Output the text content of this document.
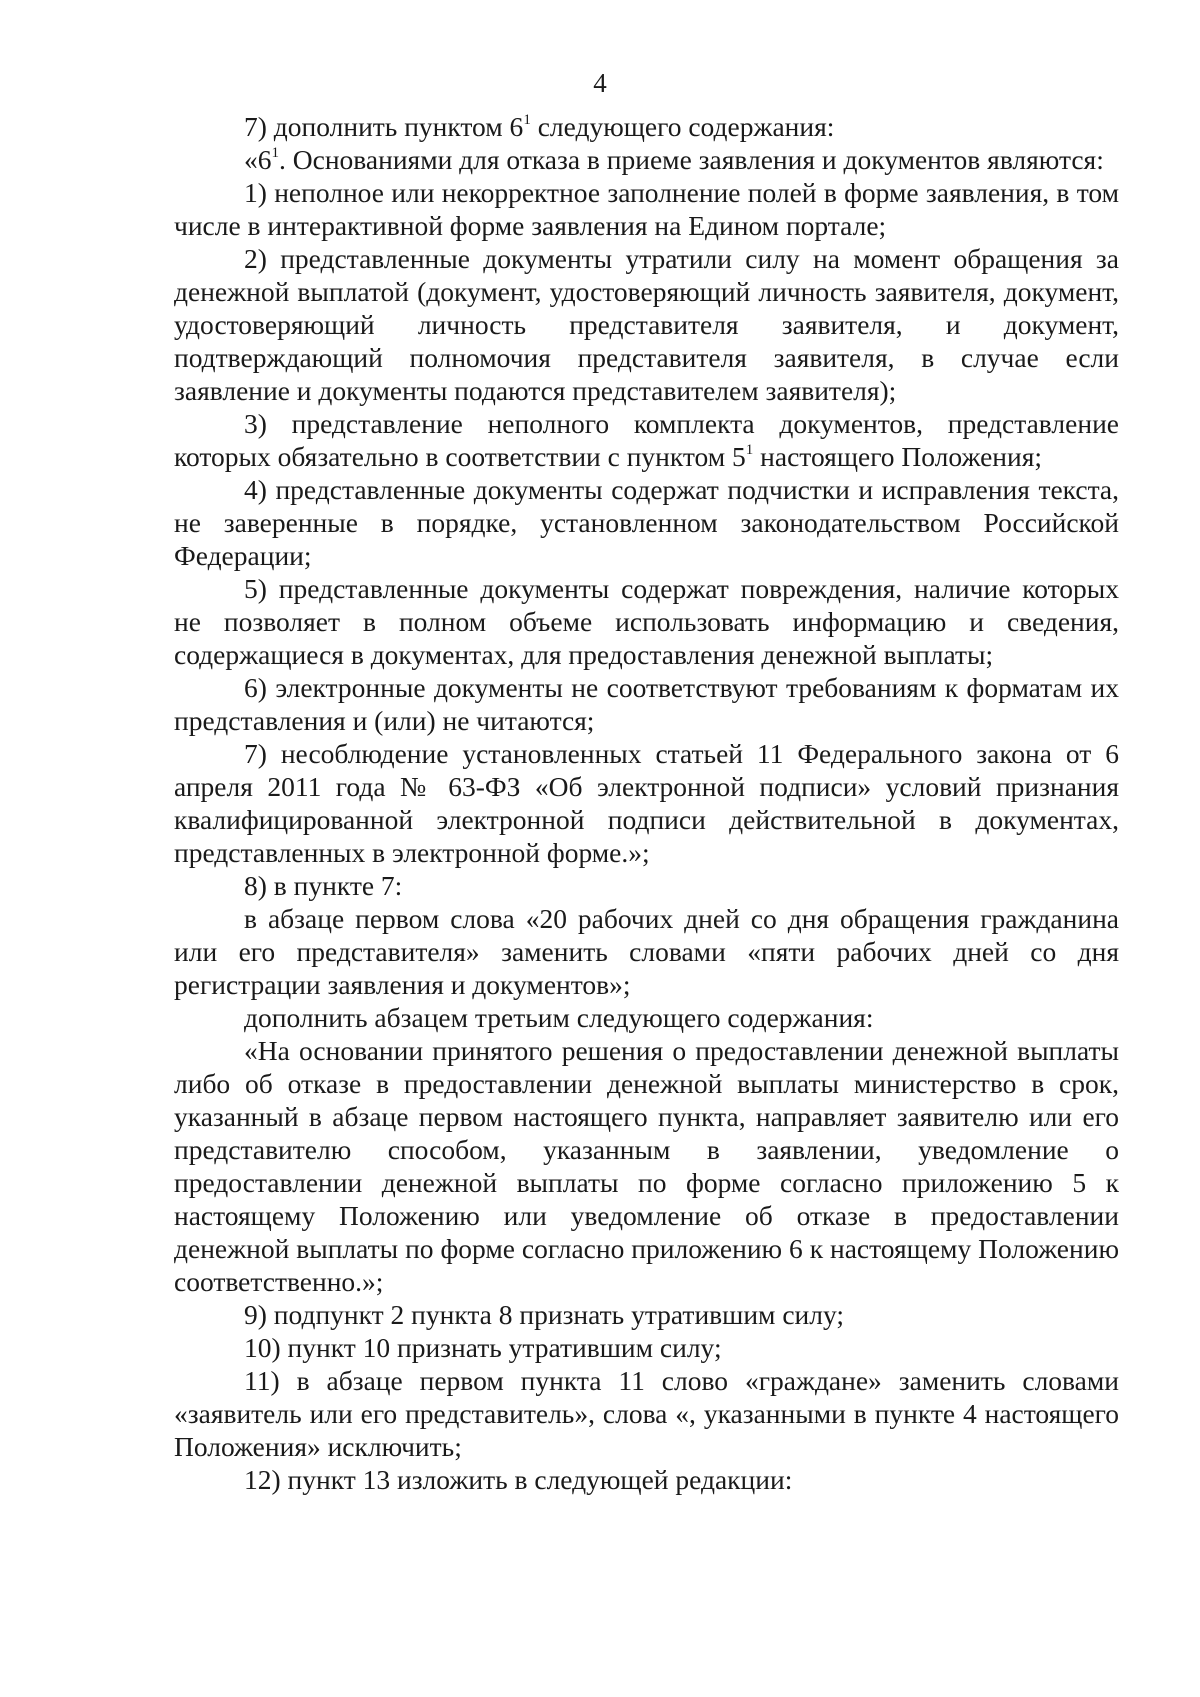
4

7) дополнить пунктом $6^1$ следующего содержания:

«$6^1$. Основаниями для отказа в приеме заявления и документов являются:

1) неполное или некорректное заполнение полей в форме заявления, в том числе в интерактивной форме заявления на Едином портале;

2) представленные документы утратили силу на момент обращения за денежной выплатой (документ, удостоверяющий личность заявителя, документ, удостоверяющий личность представителя заявителя, и документ, подтверждающий полномочия представителя заявителя, в случае если заявление и документы подаются представителем заявителя);

3) представление неполного комплекта документов, представление которых обязательно в соответствии с пунктом $5^1$ настоящего Положения;

4) представленные документы содержат подчистки и исправления текста, не заверенные в порядке, установленном законодательством Российской Федерации;

5) представленные документы содержат повреждения, наличие которых не позволяет в полном объеме использовать информацию и сведения, содержащиеся в документах, для предоставления денежной выплаты;

6) электронные документы не соответствуют требованиям к форматам их представления и (или) не читаются;

7) несоблюдение установленных статьей 11 Федерального закона от 6 апреля 2011 года № 63-ФЗ «Об электронной подписи» условий признания квалифицированной электронной подписи действительной в документах, представленных в электронной форме.»;

8) в пункте 7:

в абзаце первом слова «20 рабочих дней со дня обращения гражданина или его представителя» заменить словами «пяти рабочих дней со дня регистрации заявления и документов»;

дополнить абзацем третьим следующего содержания:

«На основании принятого решения о предоставлении денежной выплаты либо об отказе в предоставлении денежной выплаты министерство в срок, указанный в абзаце первом настоящего пункта, направляет заявителю или его представителю способом, указанным в заявлении, уведомление о предоставлении денежной выплаты по форме согласно приложению 5 к настоящему Положению или уведомление об отказе в предоставлении денежной выплаты по форме согласно приложению 6 к настоящему Положению соответственно.»;

9) подпункт 2 пункта 8 признать утратившим силу;

10) пункт 10 признать утратившим силу;

11) в абзаце первом пункта 11 слово «граждане» заменить словами «заявитель или его представитель», слова «, указанными в пункте 4 настоящего Положения» исключить;

12) пункт 13 изложить в следующей редакции:
